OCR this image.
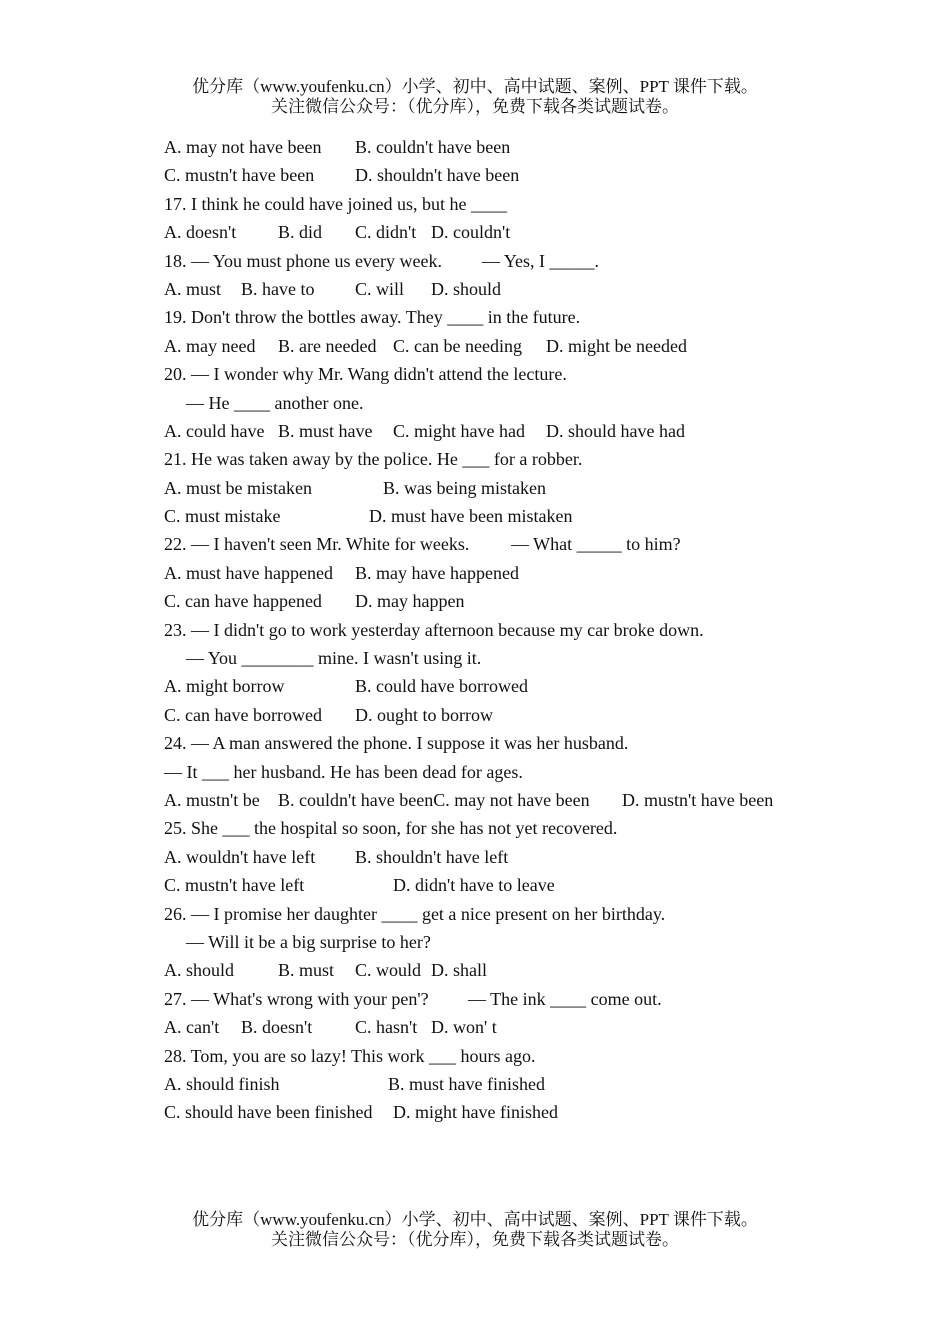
优分库（www.youfenku.cn）小学、初中、高中试题、案例、PPT 课件下载。
关注微信公众号：（优分库），免费下载各类试题试卷。
A. may not have been B. couldn't have been
C. mustn't have been D. shouldn't have been
17. I think he could have joined us, but he ____
A. doesn't B. did C. didn't D. couldn't
18. — You must phone us every week. — Yes, I _____.
A. must B. have to C. will D. should
19. Don't throw the bottles away. They ____ in the future.
A. may need B. are needed C. can be needing D. might be needed
20. — I wonder why Mr. Wang didn't attend the lecture.
— He ____ another one.
A. could have B. must have C. might have had D. should have had
21. He was taken away by the police. He ___ for a robber.
A. must be mistaken	B. was being mistaken
C. must mistake	D. must have been mistaken
22. — I haven't seen Mr. White for weeks. — What _____ to him?
A. must have happened B. may have happened
C. can have happened D. may happen
23. — I didn't go to work yesterday afternoon because my car broke down.
— You ________ mine. I wasn't using it.
A. might borrow	B. could have borrowed
C. can have borrowed D. ought to borrow
24. — A man answered the phone. I suppose it was her husband.
— It ___ her husband. He has been dead for ages.
A. mustn't be B. couldn't have beenC. may not have been D. mustn't have been
25. She ___ the hospital so soon, for she has not yet recovered.
A. wouldn't have left B. shouldn't have left
C. mustn't have left	D. didn't have to leave
26. — I promise her daughter ____ get a nice present on her birthday.
— Will it be a big surprise to her?
A. should B. must C. would D. shall
27. — What's wrong with your pen'? — The ink ____ come out.
A. can't B. doesn't C. hasn't D. won' t
28. Tom, you are so lazy! This work ___ hours ago.
A. should finish	B. must have finished
C. should have been finished D. might have finished
优分库（www.youfenku.cn）小学、初中、高中试题、案例、PPT 课件下载。
关注微信公众号：（优分库），免费下载各类试题试卷。
